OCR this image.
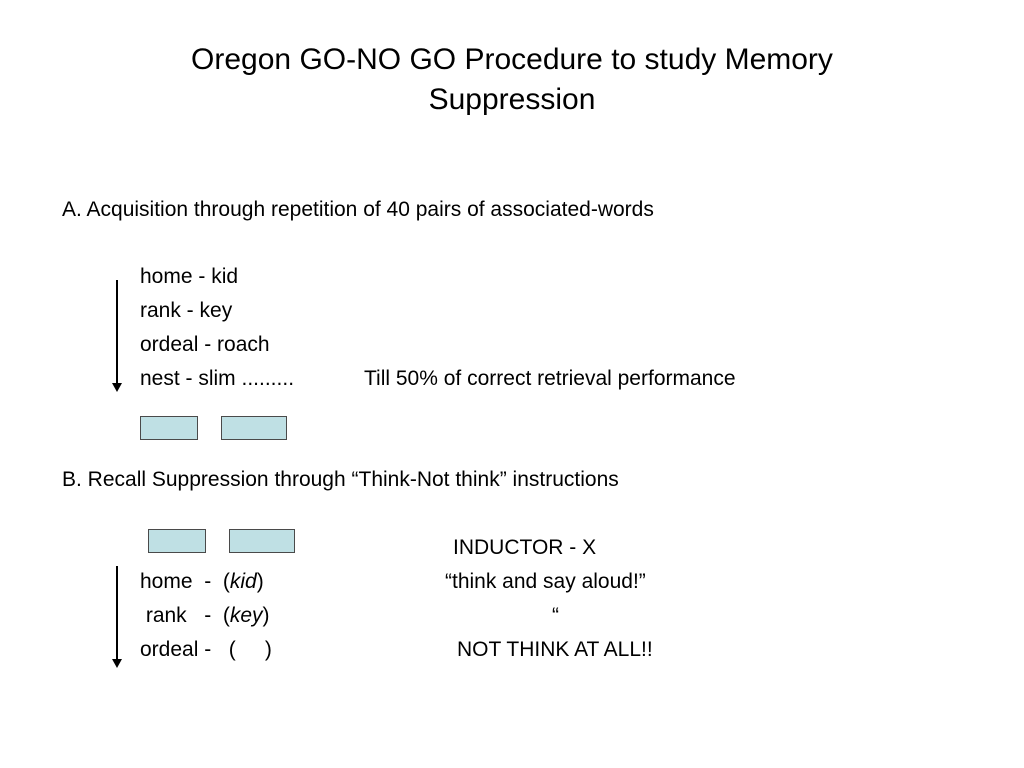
Oregon GO-NO GO Procedure to study Memory
Suppression
A. Acquisition through repetition of 40 pairs of associated-words
home - kid
rank - key
ordeal - roach
nest - slim .........	Till 50% of correct retrieval performance
B. Recall Suppression through “Think-Not think” instructions
INDUCTOR - X
home  -  (kid)	“think and say aloud!”
rank   -  (key)	“
ordeal -   (     )	NOT THINK AT ALL!!
